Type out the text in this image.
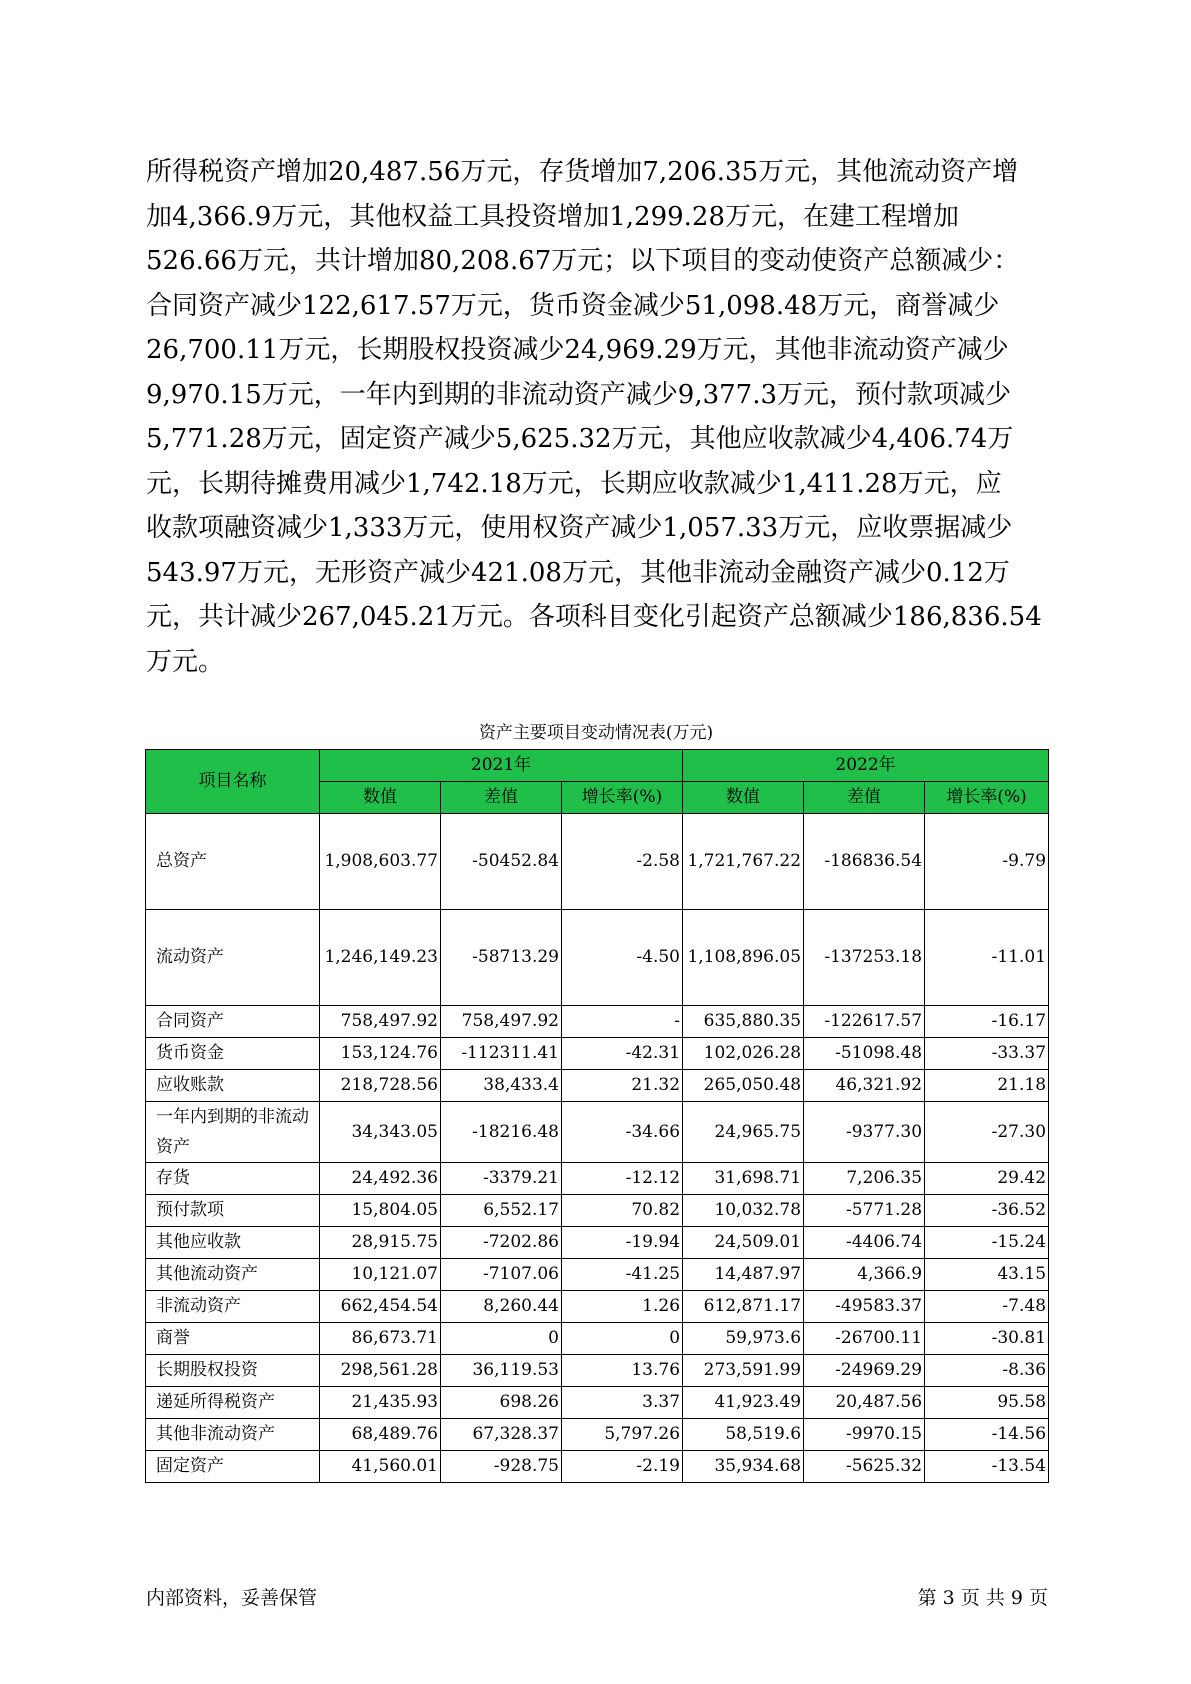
所得税资产增加20,487.56万元，存货增加7,206.35万元，其他流动资产增
加4,366.9万元，其他权益工具投资增加1,299.28万元，在建工程增加
526.66万元，共计增加80,208.67万元；以下项目的变动使资产总额减少：
合同资产减少122,617.57万元，货币资金减少51,098.48万元，商誉减少
26,700.11万元，长期股权投资减少24,969.29万元，其他非流动资产减少
9,970.15万元，一年内到期的非流动资产减少9,377.3万元，预付款项减少
5,771.28万元，固定资产减少5,625.32万元，其他应收款减少4,406.74万
元，长期待摊费用减少1,742.18万元，长期应收款减少1,411.28万元，应
收款项融资减少1,333万元，使用权资产减少1,057.33万元，应收票据减少
543.97万元，无形资产减少421.08万元，其他非流动金融资产减少0.12万
元，共计减少267,045.21万元。各项科目变化引起资产总额减少186,836.54
万元。
资产主要项目变动情况表(万元)
项目名称	2021年			2022年		
	数值	差值	增长率(%)	数值	差值	增长率(%)
总资产	1,908,603.77	-50452.84	-2.58	1,721,767.22	-186836.54	-9.79
流动资产	1,246,149.23	-58713.29	-4.50	1,108,896.05	-137253.18	-11.01
合同资产	758,497.92	758,497.92	-	635,880.35	-122617.57	-16.17
货币资金	153,124.76	-112311.41	-42.31	102,026.28	-51098.48	-33.37
应收账款	218,728.56	38,433.4	21.32	265,050.48	46,321.92	21.18
一年内到期的非流动资产	34,343.05	-18216.48	-34.66	24,965.75	-9377.30	-27.30
存货	24,492.36	-3379.21	-12.12	31,698.71	7,206.35	29.42
预付款项	15,804.05	6,552.17	70.82	10,032.78	-5771.28	-36.52
其他应收款	28,915.75	-7202.86	-19.94	24,509.01	-4406.74	-15.24
其他流动资产	10,121.07	-7107.06	-41.25	14,487.97	4,366.9	43.15
非流动资产	662,454.54	8,260.44	1.26	612,871.17	-49583.37	-7.48
商誉	86,673.71	0	0	59,973.6	-26700.11	-30.81
长期股权投资	298,561.28	36,119.53	13.76	273,591.99	-24969.29	-8.36
递延所得税资产	21,435.93	698.26	3.37	41,923.49	20,487.56	95.58
其他非流动资产	68,489.76	67,328.37	5,797.26	58,519.6	-9970.15	-14.56
固定资产	41,560.01	-928.75	-2.19	35,934.68	-5625.32	-13.54
内部资料，妥善保管	第 3 页 共 9 页
